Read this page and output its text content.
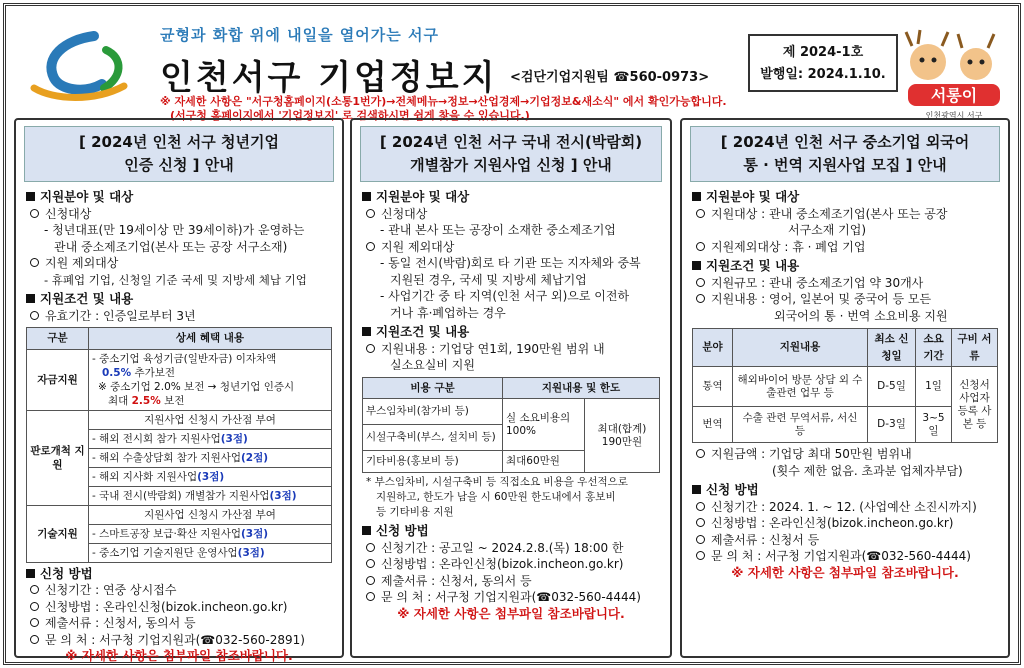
균형과 화합 위에 내일을 열어가는 서구
인천서구 기업정보지 <검단기업지원팀 ☎560-0973>
※ 자세한 사항은 "서구청홈페이지(소통1번가)→전체메뉴→정보→산업경제→기업정보&새소식" 에서 확인가능합니다.
(서구청 홈페이지에서 '기업정보지' 로 검색하시면 쉽게 찾을 수 있습니다.)
제 2024-1호
발행일: 2024.1.10.
서롱이
인천광역시 서구
[ 2024년 인천 서구 청년기업
인증 신청 ] 안내
지원분야 및 대상
신청대상
- 청년대표(만 19세이상 만 39세이하)가 운영하는
관내 중소제조기업(본사 또는 공장 서구소재)
지원 제외대상
- 휴폐업 기업, 신청일 기준 국세 및 지방세 체납 기업
지원조건 및 내용
유효기간 : 인증일로부터 3년
구분	상세 혜택 내용
자금지원	- 중소기업 육성기금(일반자금) 이자차액
0.5% 추가보전
※ 중소기업 2.0% 보전 → 청년기업 인증시
최대 2.5% 보전

판로개척 지원	지원사업 신청시 가산점 부여
	- 해외 전시회 참가 지원사업(3점)
	- 해외 수출상담회 참가 지원사업(2점)
	- 해외 지사화 지원사업(3점)
	- 국내 전시(박람회) 개별참가 지원사업(3점)
기술지원	지원사업 신청시 가산점 부여
	- 스마트공장 보급·확산 지원사업(3점)
	- 중소기업 기술지원단 운영사업(3점)
신청 방법
신청기간 : 연중 상시접수
신청방법 : 온라인신청(bizok.incheon.go.kr)
제출서류 : 신청서, 동의서 등
문 의 처 : 서구청 기업지원과(☎032-560-2891)
※ 자세한 사항은 첨부파일 참조바랍니다.
[ 2024년 인천 서구 국내 전시(박람회)
개별참가 지원사업 신청 ] 안내
지원분야 및 대상
신청대상
- 관내 본사 또는 공장이 소재한 중소제조기업
지원 제외대상
- 동일 전시(박람)회로 타 기관 또는 지자체와 중복
지원된 경우, 국세 및 지방세 체납기업
- 사업기간 중 타 지역(인천 서구 외)으로 이전하
거나 휴·폐업하는 경우
지원조건 및 내용
지원내용 : 기업당 연1회, 190만원 범위 내
실소요실비 지원
비용 구분	지원내용 및 한도	
부스임차비(참가비 등)	실 소요비용의 100%	최대(합계) 190만원
시설구축비(부스, 설치비 등)		
기타비용(홍보비 등)	최대60만원	
* 부스임차비, 시설구축비 등 직접소요 비용을 우선적으로
지원하고, 한도가 남을 시 60만원 한도내에서 홍보비
등 기타비용 지원
신청 방법
신청기간 : 공고일 ~ 2024.2.8.(목) 18:00 한
신청방법 : 온라인신청(bizok.incheon.go.kr)
제출서류 : 신청서, 동의서 등
문 의 처 : 서구청 기업지원과(☎032-560-4444)
※ 자세한 사항은 첨부파일 참조바랍니다.
[ 2024년 인천 서구 중소기업 외국어
통 · 번역 지원사업 모집 ] 안내
지원분야 및 대상
지원대상 : 관내 중소제조기업(본사 또는 공장
서구소재 기업)
지원제외대상 : 휴 · 폐업 기업
지원조건 및 내용
지원규모 : 관내 중소제조기업 약 30개사
지원내용 : 영어, 일본어 및 중국어 등 모든
외국어의 통 · 번역 소요비용 지원
분야	지원내용	최소 신청일	소요 기간	구비 서류
통역	해외바이어 방문 상담 외 수출관련 업무 등	D-5일	1일	신청서 사업자 등록 사본 등
번역	수출 관련 무역서류, 서신 등	D-3일	3~5일	
지원금액 : 기업당 최대 50만원 범위내
(횟수 제한 없음. 초과분 업체자부담)
신청 방법
신청기간 : 2024. 1. ~ 12. (사업예산 소진시까지)
신청방법 : 온라인신청(bizok.incheon.go.kr)
제출서류 : 신청서 등
문 의 처 : 서구청 기업지원과(☎032-560-4444)
※ 자세한 사항은 첨부파일 참조바랍니다.
